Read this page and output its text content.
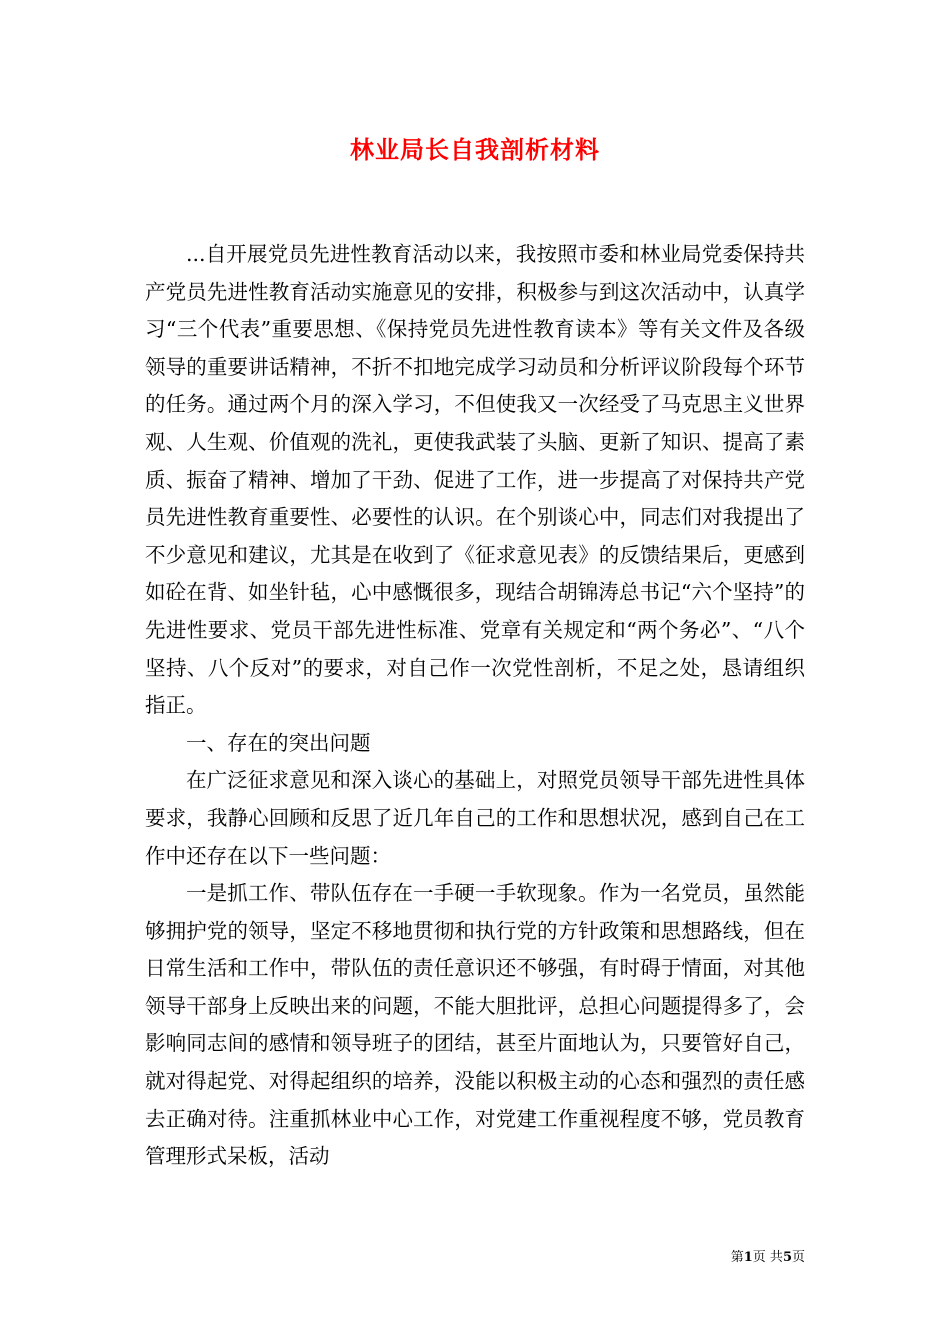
林业局长自我剖析材料

...自开展党员先进性教育活动以来，我按照市委和林业局党委保持共产党员先进性教育活动实施意见的安排，积极参与到这次活动中，认真学习“三个代表”重要思想、《保持党员先进性教育读本》等有关文件及各级领导的重要讲话精神，不折不扣地完成学习动员和分析评议阶段每个环节的任务。通过两个月的深入学习，不但使我又一次经受了马克思主义世界观、人生观、价值观的洗礼，更使我武装了头脑、更新了知识、提高了素质、振奋了精神、增加了干劲、促进了工作，进一步提高了对保持共产党员先进性教育重要性、必要性的认识。在个别谈心中，同志们对我提出了不少意见和建议，尤其是在收到了《征求意见表》的反馈结果后，更感到如砼在背、如坐针毡，心中感慨很多，现结合胡锦涛总书记“六个坚持”的先进性要求、党员干部先进性标准、党章有关规定和“两个务必”、“八个坚持、八个反对”的要求，对自己作一次党性剖析，不足之处，恳请组织指正。

一、存在的突出问题

在广泛征求意见和深入谈心的基础上，对照党员领导干部先进性具体要求，我静心回顾和反思了近几年自己的工作和思想状况，感到自己在工作中还存在以下一些问题：

一是抓工作、带队伍存在一手硬一手软现象。作为一名党员，虽然能够拥护党的领导，坚定不移地贯彻和执行党的方针政策和思想路线，但在日常生活和工作中，带队伍的责任意识还不够强，有时碍于情面，对其他领导干部身上反映出来的问题，不能大胆批评，总担心问题提得多了，会影响同志间的感情和领导班子的团结，甚至片面地认为，只要管好自己，就对得起党、对得起组织的培养，没能以积极主动的心态和强烈的责任感去正确对待。注重抓林业中心工作，对党建工作重视程度不够，党员教育管理形式呆板，活动

第1页 共5页
